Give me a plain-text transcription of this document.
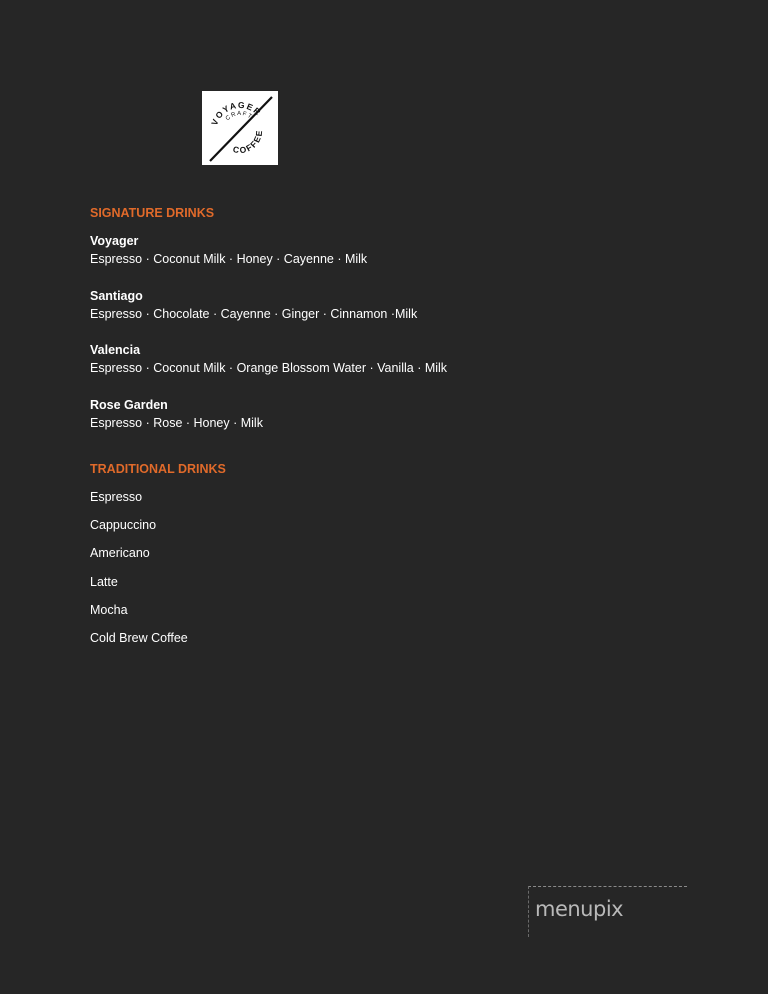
VOYAGER
CRAFT
COFFEE
SIGNATURE DRINKS
Voyager
Espresso · Coconut Milk · Honey · Cayenne · Milk
Santiago
Espresso · Chocolate · Cayenne · Ginger · Cinnamon ·Milk
Valencia
Espresso · Coconut Milk · Orange Blossom Water · Vanilla · Milk
Rose Garden
Espresso · Rose · Honey · Milk
TRADITIONAL DRINKS
Espresso
Cappuccino
Americano
Latte
Mocha
Cold Brew Coffee
menupix
